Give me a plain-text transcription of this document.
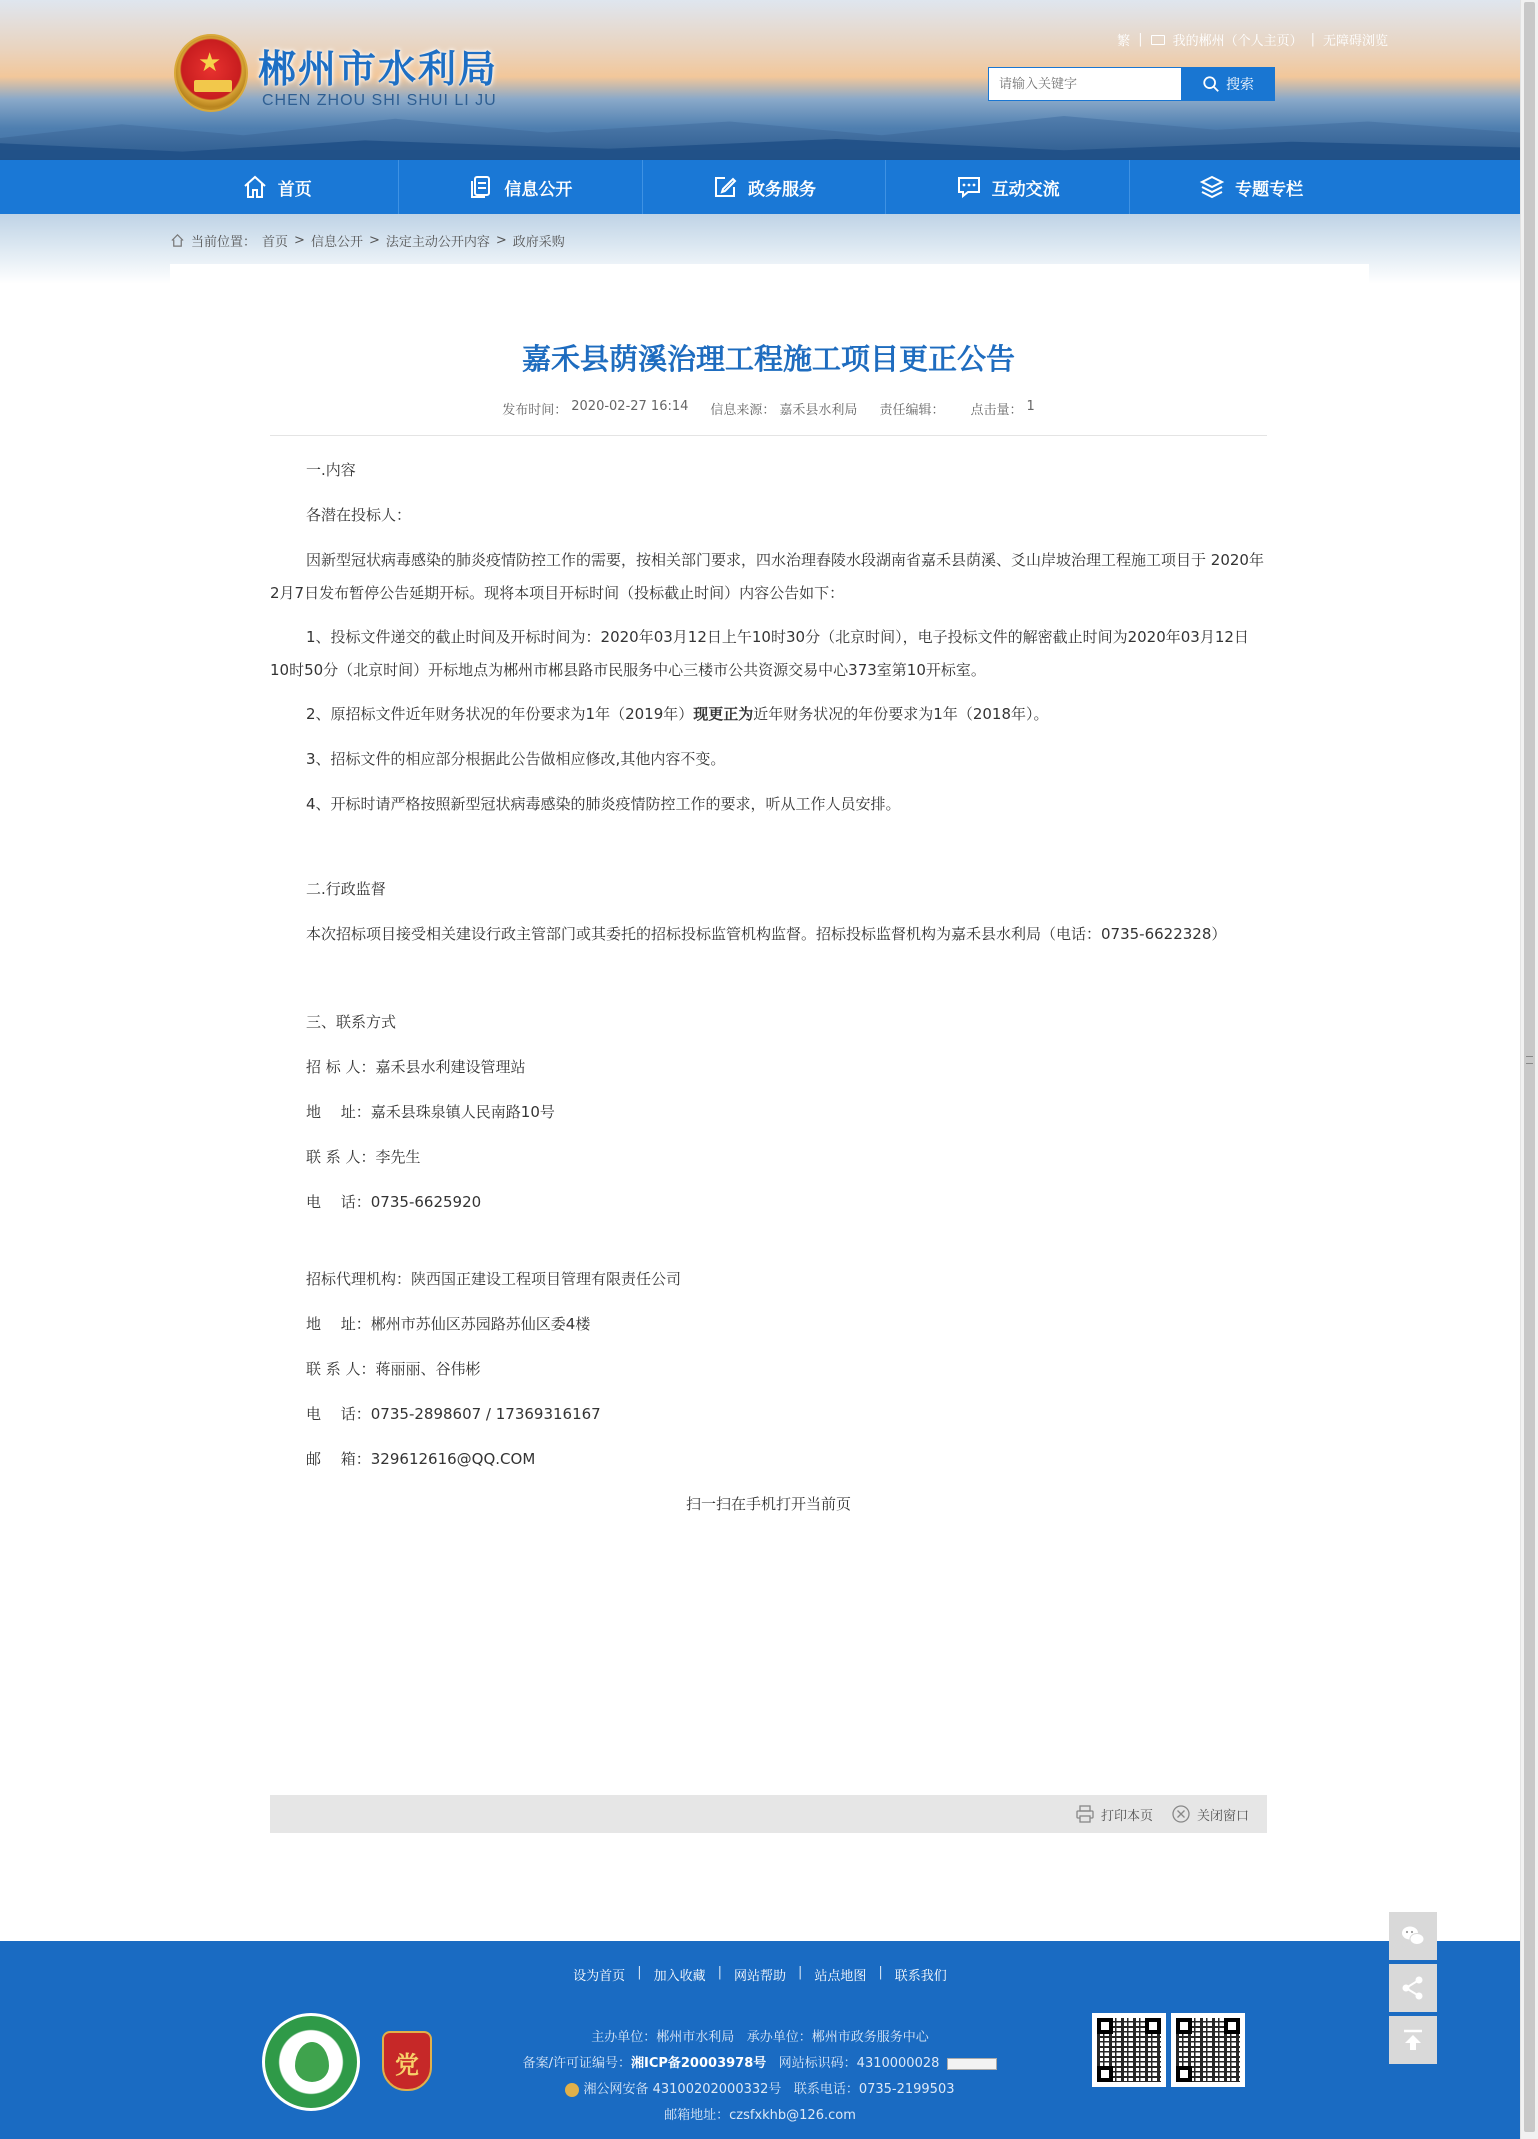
★ 郴州市水利局
CHEN ZHOU SHI SHUI LI JU
繁 | 我的郴州（个人主页） | 无障碍浏览
请输入关键字
搜索
首页	信息公开	政务服务	互动交流	专题专栏
当前位置： 首页 > 信息公开 > 法定主动公开内容 > 政府采购
嘉禾县荫溪治理工程施工项目更正公告
发布时间： 2020-02-27 16:14 信息来源： 嘉禾县水利局 责任编辑： 点击量： 1

一.内容

各潜在投标人：

因新型冠状病毒感染的肺炎疫情防控工作的需要，按相关部门要求，四水治理舂陵水段湖南省嘉禾县荫溪、爻山岸坡治理工程施工项目于 2020年2月7日发布暂停公告延期开标。现将本项目开标时间（投标截止时间）内容公告如下：

1、投标文件递交的截止时间及开标时间为：2020年03月12日上午10时30分（北京时间），电子投标文件的解密截止时间为2020年03月12日10时50分（北京时间）开标地点为郴州市郴县路市民服务中心三楼市公共资源交易中心373室第10开标室。

2、原招标文件近年财务状况的年份要求为1年（2019年）现更正为近年财务状况的年份要求为1年（2018年）。

3、招标文件的相应部分根据此公告做相应修改,其他内容不变。

4、开标时请严格按照新型冠状病毒感染的肺炎疫情防控工作的要求，听从工作人员安排。

二.行政监督

本次招标项目接受相关建设行政主管部门或其委托的招标投标监管机构监督。招标投标监督机构为嘉禾县水利局（电话：0735-6622328）

三、联系方式

招 标 人：嘉禾县水利建设管理站

地　 址：嘉禾县珠泉镇人民南路10号

联 系 人：李先生

电　 话：0735-6625920

招标代理机构：陕西国正建设工程项目管理有限责任公司

地　 址：郴州市苏仙区苏园路苏仙区委4楼

联 系 人：蒋丽丽、谷伟彬

电　 话：0735-2898607 / 17369316167

邮　 箱：329612616@QQ.COM

扫一扫在手机打开当前页
打印本页	关闭窗口
设为首页 | 加入收藏 | 网站帮助 | 站点地图 | 联系我们
党
主办单位：郴州市水利局 承办单位：郴州市政务服务中心
备案/许可证编号：湘ICP备20003978号 网站标识码：4310000028
湘公网安备 43100202000332号 联系电话：0735-2199503
邮箱地址：czsfxkhb@126.com
